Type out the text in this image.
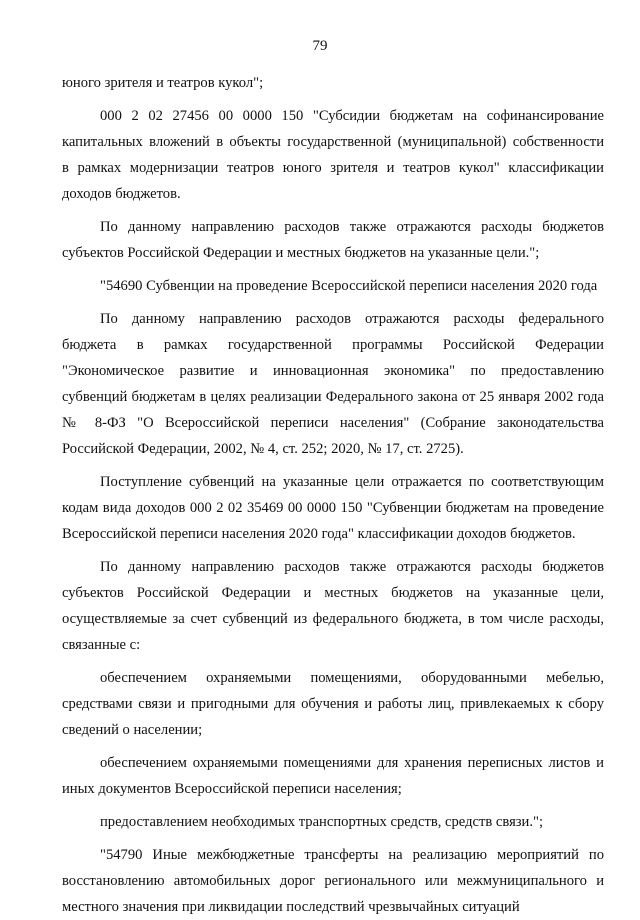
79
юного зрителя и театров кукол";
000 2 02 27456 00 0000 150 "Субсидии бюджетам на софинансирование
капитальных вложений в объекты государственной (муниципальной) собственности
в рамках модернизации театров юного зрителя и театров кукол" классификации
доходов бюджетов.
По данному направлению расходов также отражаются расходы бюджетов
субъектов Российской Федерации и местных бюджетов на указанные цели.";
"54690 Субвенции на проведение Всероссийской переписи населения 2020 года
По данному направлению расходов отражаются расходы федерального
бюджета в рамках государственной программы Российской Федерации
"Экономическое развитие и инновационная экономика" по предоставлению
субвенций бюджетам в целях реализации Федерального закона от 25 января 2002 года
№ 8-ФЗ "О Всероссийской переписи населения" (Собрание законодательства
Российской Федерации, 2002, № 4, ст. 252; 2020, № 17, ст. 2725).
Поступление субвенций на указанные цели отражается по соответствующим
кодам вида доходов 000 2 02 35469 00 0000 150 "Субвенции бюджетам на проведение
Всероссийской переписи населения 2020 года" классификации доходов бюджетов.
По данному направлению расходов также отражаются расходы бюджетов
субъектов Российской Федерации и местных бюджетов на указанные цели,
осуществляемые за счет субвенций из федерального бюджета, в том числе расходы,
связанные с:
обеспечением охраняемыми помещениями, оборудованными мебелью,
средствами связи и пригодными для обучения и работы лиц, привлекаемых к сбору
сведений о населении;
обеспечением охраняемыми помещениями для хранения переписных листов и
иных документов Всероссийской переписи населения;
предоставлением необходимых транспортных средств, средств связи.";
"54790 Иные межбюджетные трансферты на реализацию мероприятий по
восстановлению автомобильных дорог регионального или межмуниципального и
местного значения при ликвидации последствий чрезвычайных ситуаций
